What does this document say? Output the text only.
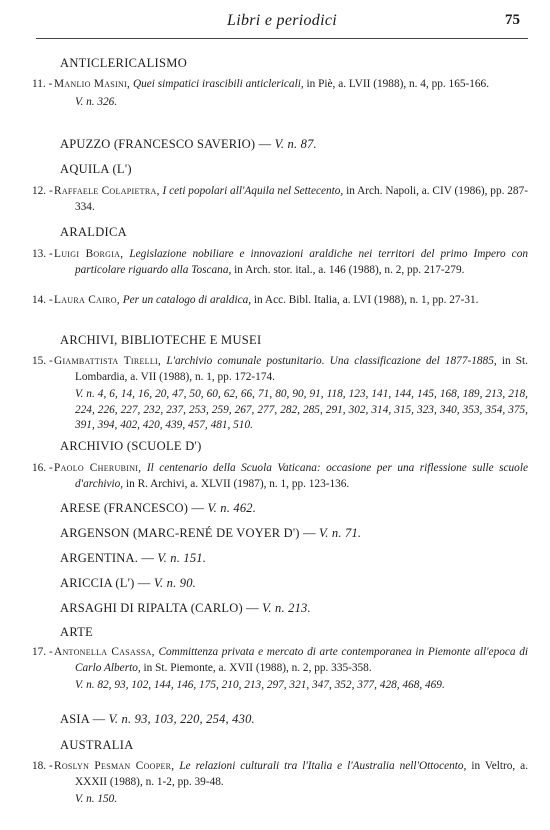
Libri e periodici	75
ANTICLERICALISMO
11. - Manlio Masini, Quei simpatici irascibili anticlericali, in Piè, a. LVII (1988), n. 4, pp. 165-166.
V. n. 326.
APUZZO (FRANCESCO SAVERIO) — V. n. 87.
AQUILA (L')
12. - Raffaele Colapietra, I ceti popolari all'Aquila nel Settecento, in Arch. Napoli, a. CIV (1986), pp. 287-334.
ARALDICA
13. - Luigi Borgia, Legislazione nobiliare e innovazioni araldiche nei territori del primo Impero con particolare riguardo alla Toscana, in Arch. stor. ital., a. 146 (1988), n. 2, pp. 217-279.
14. - Laura Cairo, Per un catalogo di araldica, in Acc. Bibl. Italia, a. LVI (1988), n. 1, pp. 27-31.
ARCHIVI, BIBLIOTECHE E MUSEI
15. - Giambattista Tirelli, L'archivio comunale postunitario. Una classificazione del 1877-1885, in St. Lombardia, a. VII (1988), n. 1, pp. 172-174.
V. n. 4, 6, 14, 16, 20, 47, 50, 60, 62, 66, 71, 80, 90, 91, 118, 123, 141, 144, 145, 168, 189, 213, 218, 224, 226, 227, 232, 237, 253, 259, 267, 277, 282, 285, 291, 302, 314, 315, 323, 340, 353, 354, 375, 391, 394, 402, 420, 439, 457, 481, 510.
ARCHIVIO (SCUOLE D')
16. - Paolo Cherubini, Il centenario della Scuola Vaticana: occasione per una riflessione sulle scuole d'archivio, in R. Archivi, a. XLVII (1987), n. 1, pp. 123-136.
ARESE (FRANCESCO) — V. n. 462.
ARGENSON (MARC-RENÉ DE VOYER D') — V. n. 71.
ARGENTINA. — V. n. 151.
ARICCIA (L') — V. n. 90.
ARSAGHI DI RIPALTA (CARLO) — V. n. 213.
ARTE
17. - Antonella Casassa, Committenza privata e mercato di arte contemporanea in Piemonte all'epoca di Carlo Alberto, in St. Piemonte, a. XVII (1988), n. 2, pp. 335-358.
V. n. 82, 93, 102, 144, 146, 175, 210, 213, 297, 321, 347, 352, 377, 428, 468, 469.
ASIA — V. n. 93, 103, 220, 254, 430.
AUSTRALIA
18. - Roslyn Pesman Cooper, Le relazioni culturali tra l'Italia e l'Australia nell'Ottocento, in Veltro, a. XXXII (1988), n. 1-2, pp. 39-48.
V. n. 150.
